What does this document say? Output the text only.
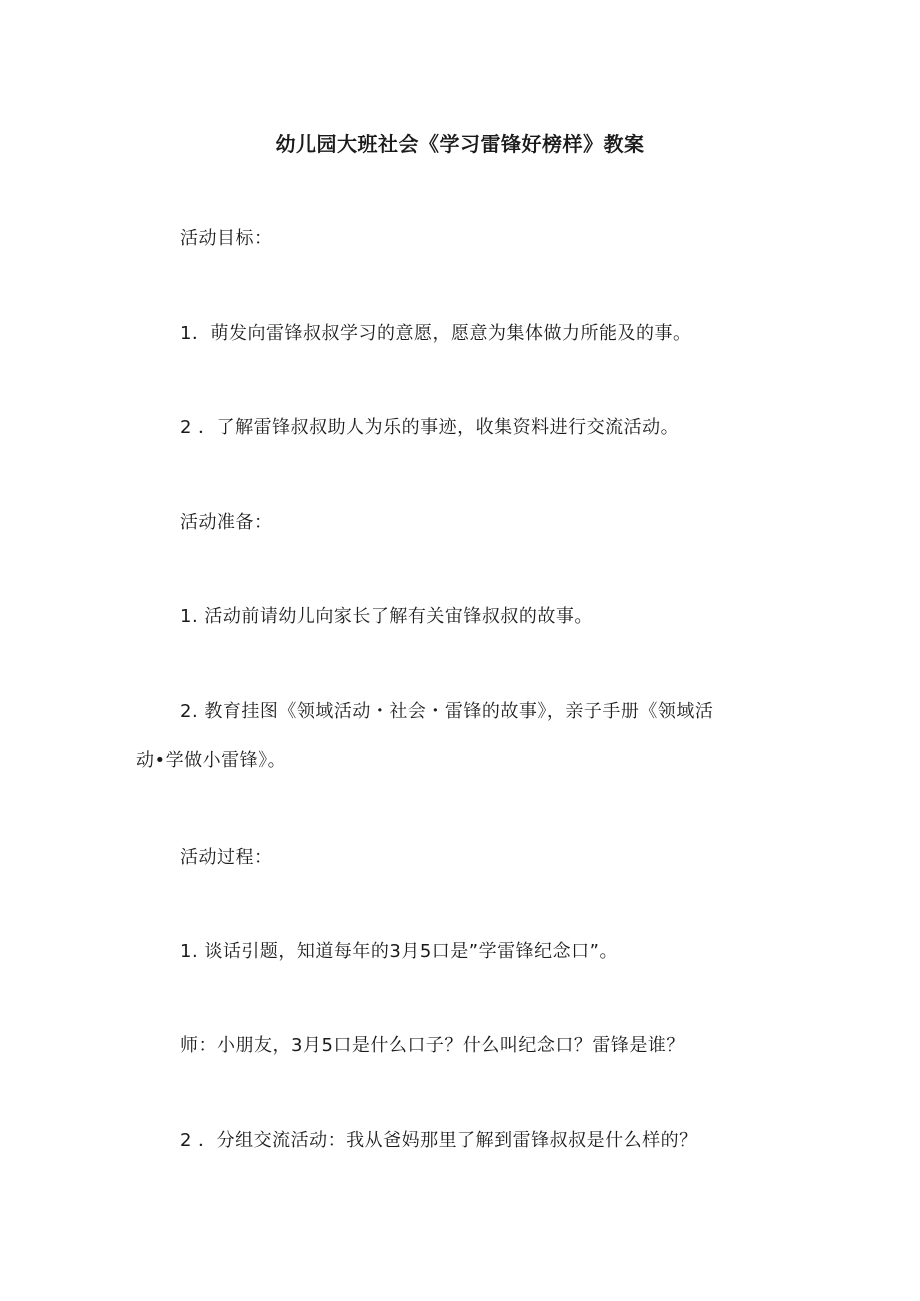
幼儿园大班社会《学习雷锋好榜样》教案
活动目标：
1．萌发向雷锋叔叔学习的意愿，愿意为集体做力所能及的事。
2 ．了解雷锋叔叔助人为乐的事迹，收集资料进行交流活动。
活动准备：
1. 活动前请幼儿向家长了解有关宙锋叔叔的故事。
2. 教育挂图《领域活动・社会・雷锋的故事》，亲子手册《领域活
动•学做小雷锋》。
活动过程：
1. 谈话引题，知道每年的3月5口是”学雷锋纪念口”。
师：小朋友，3月5口是什么口子？什么叫纪念口？雷锋是谁？
2 ．分组交流活动：我从爸妈那里了解到雷锋叔叔是什么样的？
